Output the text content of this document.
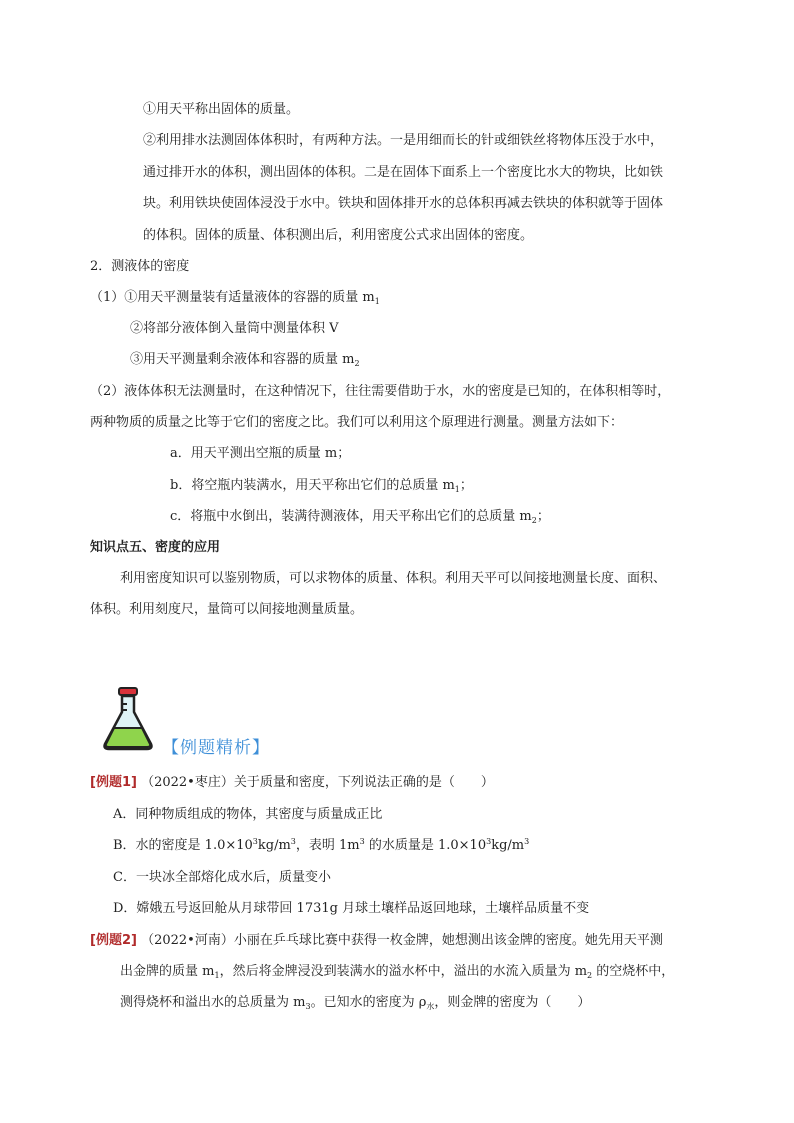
①用天平称出固体的质量。
②利用排水法测固体体积时，有两种方法。一是用细而长的针或细铁丝将物体压没于水中，
通过排开水的体积，测出固体的体积。二是在固体下面系上一个密度比水大的物块，比如铁
块。利用铁块使固体浸没于水中。铁块和固体排开水的总体积再减去铁块的体积就等于固体
的体积。固体的质量、体积测出后，利用密度公式求出固体的密度。
2．测液体的密度
（1）①用天平测量装有适量液体的容器的质量 $m_1$
②将部分液体倒入量筒中测量体积 V
③用天平测量剩余液体和容器的质量 $m_2$
（2）液体体积无法测量时，在这种情况下，往往需要借助于水，水的密度是已知的，在体积相等时，
两种物质的质量之比等于它们的密度之比。我们可以利用这个原理进行测量。测量方法如下：
a．用天平测出空瓶的质量 m；
b．将空瓶内装满水，用天平称出它们的总质量 $m_1$；
c．将瓶中水倒出，装满待测液体，用天平称出它们的总质量 $m_2$；
知识点五、密度的应用
利用密度知识可以鉴别物质，可以求物体的质量、体积。利用天平可以间接地测量长度、面积、
体积。利用刻度尺，量筒可以间接地测量质量。
【例题精析】
[例题1] （2022•枣庄）关于质量和密度，下列说法正确的是（　　）
A．同种物质组成的物体，其密度与质量成正比
B．水的密度是 $1.0\times 10^3kg/m^3$，表明 $1m^3$ 的水质量是 $1.0\times 10^3kg/m^3$
C．一块冰全部熔化成水后，质量变小
D．嫦娥五号返回舱从月球带回 1731g 月球土壤样品返回地球，土壤样品质量不变
[例题2] （2022•河南）小丽在乒乓球比赛中获得一枚金牌，她想测出该金牌的密度。她先用天平测
出金牌的质量 $m_1$，然后将金牌浸没到装满水的溢水杯中，溢出的水流入质量为 $m_2$ 的空烧杯中，
测得烧杯和溢出水的总质量为 $m_3$。已知水的密度为 $\rho_水$，则金牌的密度为（　　）
